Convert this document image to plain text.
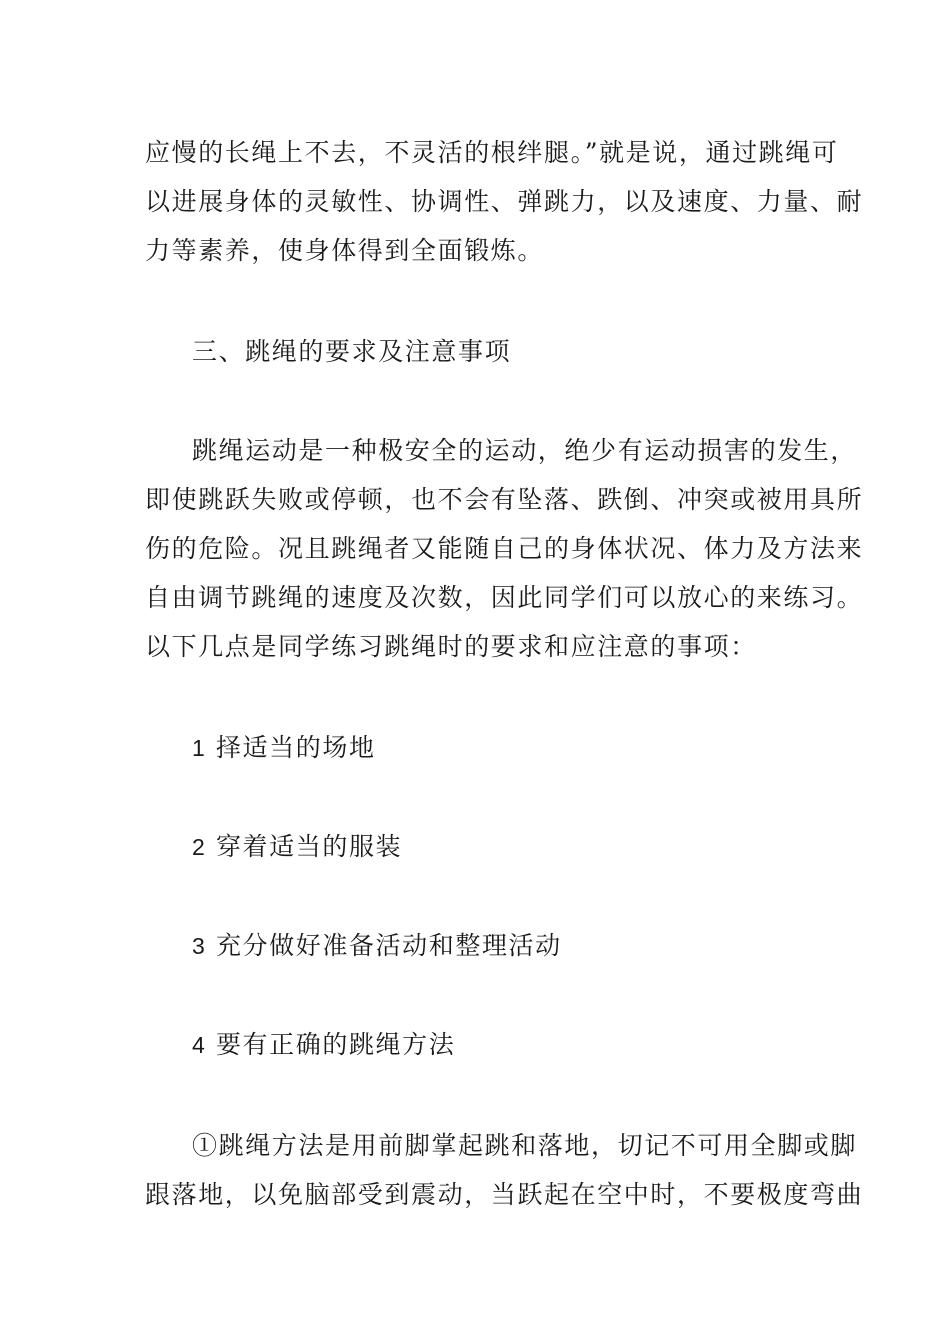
应慢的长绳上不去，不灵活的根绊腿。”就是说，通过跳绳可
以进展身体的灵敏性、协调性、弹跳力，以及速度、力量、耐
力等素养，使身体得到全面锻炼。
三、跳绳的要求及注意事项
跳绳运动是一种极安全的运动，绝少有运动损害的发生，
即使跳跃失败或停顿，也不会有坠落、跌倒、冲突或被用具所
伤的危险。况且跳绳者又能随自己的身体状况、体力及方法来
自由调节跳绳的速度及次数，因此同学们可以放心的来练习。
以下几点是同学练习跳绳时的要求和应注意的事项：
1 择适当的场地
2 穿着适当的服装
3 充分做好准备活动和整理活动
4 要有正确的跳绳方法
①跳绳方法是用前脚掌起跳和落地，切记不可用全脚或脚
跟落地，以免脑部受到震动，当跃起在空中时，不要极度弯曲
